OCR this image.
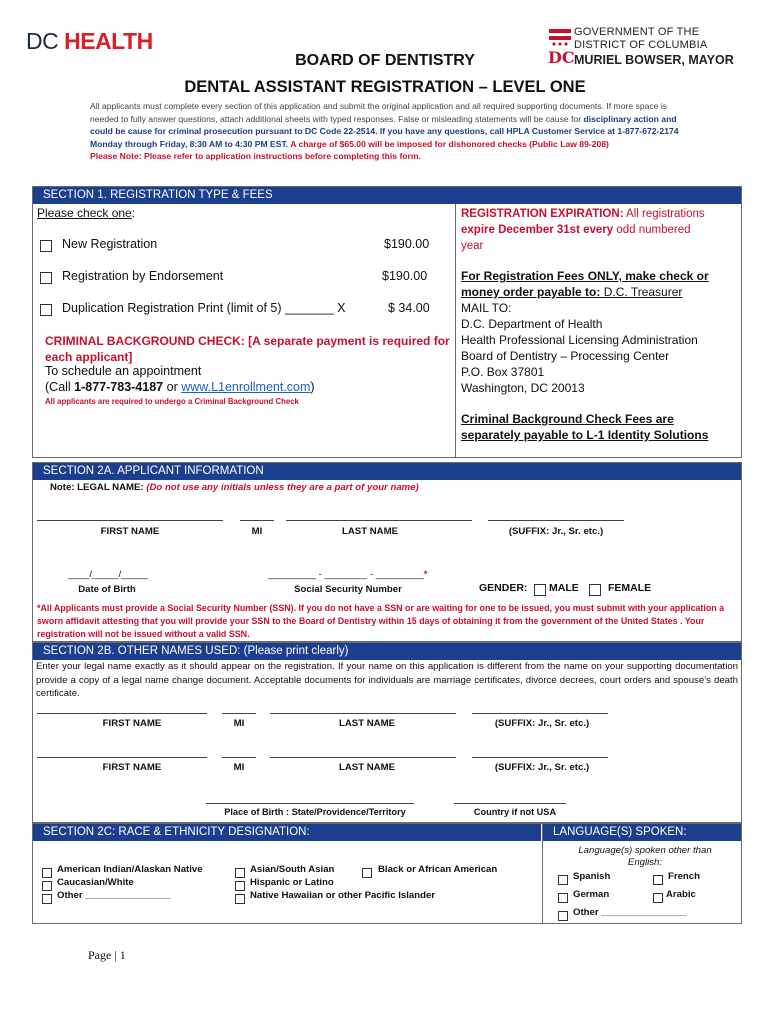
DC HEALTH
DC
GOVERNMENT OF THE
DISTRICT OF COLUMBIA
MURIEL BOWSER, MAYOR
BOARD OF DENTISTRY
DENTAL ASSISTANT REGISTRATION – LEVEL ONE
All applicants must complete every section of this application and submit the original application and all required supporting documents. If more space is needed to fully answer questions, attach additional sheets with typed responses. False or misleading statements will be cause for disciplinary action and could be cause for criminal prosecution pursuant to DC Code 22-2514. If you have any questions, call HPLA Customer Service at 1-877-672-2174 Monday through Friday, 8:30 AM to 4:30 PM EST. A charge of $65.00 will be imposed for dishonored checks (Public Law 89-208)
Please Note: Please refer to application instructions before completing this form.
SECTION 1. REGISTRATION TYPE & FEES
Please check one:
New Registration	$190.00
Registration by Endorsement	$190.00
Duplication Registration Print (limit of 5) _______ X	$ 34.00
CRIMINAL BACKGROUND CHECK: [A separate payment is required for each applicant]
To schedule an appointment
(Call 1-877-783-4187 or www.L1enrollment.com)
All applicants are required to undergo a Criminal Background Check
REGISTRATION EXPIRATION: All registrations
expire December 31st every odd numbered
year
For Registration Fees ONLY, make check or
money order payable to: D.C. Treasurer
MAIL TO:
D.C. Department of Health
Health Professional Licensing Administration
Board of Dentistry – Processing Center
P.O. Box 37801
Washington, DC 20013
Criminal Background Check Fees are
separately payable to L-1 Identity Solutions
SECTION 2A. APPLICANT INFORMATION
Note: LEGAL NAME: (Do not use any initials unless they are a part of your name)
FIRST NAME	MI	LAST NAME	(SUFFIX: Jr., Sr. etc.)
____/_____/_____
Date of Birth
_________ - ________ - _________*
Social Security Number	GENDER: MALE	FEMALE
*All Applicants must provide a Social Security Number (SSN). If you do not have a SSN or are waiting for one to be issued, you must submit with your application a sworn affidavit attesting that you will provide your SSN to the Board of Dentistry within 15 days of obtaining it from the government of the United States . Your registration will not be issued without a valid SSN.
SECTION 2B. OTHER NAMES USED: (Please print clearly)
Enter your legal name exactly as it should appear on the registration. If your name on this application is different from the name on your supporting documentation provide a copy of a legal name change document. Acceptable documents for individuals are marriage certificates, divorce decrees, court orders and spouse’s death certificate.
FIRST NAME	MI	LAST NAME	(SUFFIX: Jr., Sr. etc.)
FIRST NAME	MI	LAST NAME	(SUFFIX: Jr., Sr. etc.)
Place of Birth : State/Providence/Territory	Country if not USA
SECTION 2C: RACE & ETHNICITY DESIGNATION:	LANGUAGE(S) SPOKEN:
American Indian/Alaskan Native
Caucasian/White
Other ________________
Asian/South Asian
Hispanic or Latino
Native Hawaiian or other Pacific Islander
Black or African American
Language(s) spoken other than English:
Spanish	French
German	Arabic
Other ________________
Page | 1
